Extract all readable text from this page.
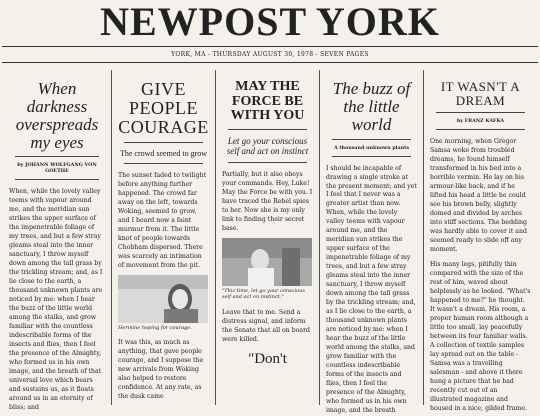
NEWPOST YORK
YORK, MA - THURSDAY AUGUST 30, 1978 - SEVEN PAGES
When darkness overspreads my eyes
by JOHANN WOLFGANG VON GOETHE
When, while the lovely valley teems with vapour around me, and the meridian sun strikes the upper surface of the impenetrable foliage of my trees, and but a few stray gleams steal into the inner sanctuary, I throw myself down among the tall grass by the trickling stream; and, as I lie close to the earth, a thousand unknown plants are noticed by me: when I hear the buzz of the little world among the stalks, and grow familiar with the countless indescribable forms of the insects and flies, then I feel the presence of the Almighty, who formed us in his own image, and the breath of that universal love which bears and sustains us, as it floats around us in an eternity of bliss; and
GIVE PEOPLE COURAGE
The crowd seemed to grow
The sunset faded to twilight before anything further happened. The crowd far away on the left, towards Woking, seemed to grow, and I heard now a faint murmur from it. The little knot of people towards Chobham dispersed. There was scarcely an intimation of movement from the pit.
Hermine hoping for courage.
It was this, as much as anything, that gave people courage, and I suppose the new arrivals from Woking also helped to restore confidence. At any rate, as the dusk came
MAY THE FORCE BE WITH YOU
Let go your conscious self and act on instinct
Partially, but it also obeys your commands. Hey, Luke! May the Force be with you. I have traced the Rebel spies to her. Now she is my only link to finding their secret base.
"This time, let go your conscious self and act on instinct."
Leave that to me. Send a distress signal, and inform the Senate that all on board were killed.
"Don't
The buzz of the little world
A thousand unknown plants
I should be incapable of drawing a single stroke at the present moment; and yet I feel that I never was a greater artist than now. When, while the lovely valley teems with vapour around me, and the meridian sun strikes the upper surface of the impenetrable foliage of my trees, and but a few stray gleams steal into the inner sanctuary, I throw myself down among the tall grass by the trickling stream; and, as I lie close to the earth, a thousand unknown plants are noticed by me: when I hear the buzz of the little world among the stalks, and grow familiar with the countless indescribable forms of the insects and flies, then I feel the presence of the Almighty, who formed us in his own image, and the breath
IT WASN'T A DREAM
by FRANZ KAFKA

One morning, when Gregor Samsa woke from troubled dreams, he found himself transformed in his bed into a horrible vermin. He lay on his armour-like back, and if he lifted his head a little he could see his brown belly, slightly domed and divided by arches into stiff sections. The bedding was hardly able to cover it and seemed ready to slide off any moment.

His many legs, pitifully thin compared with the size of the rest of him, waved about helplessly as he looked. "What's happened to me?" he thought. It wasn't a dream. His room, a proper human room although a little too small, lay peacefully between its four familiar walls. A collection of textile samples lay spread out on the table - Samsa was a travelling salesman - and above it there hung a picture that he had recently cut out of an illustrated magazine and housed in a nice, gilded frame.
